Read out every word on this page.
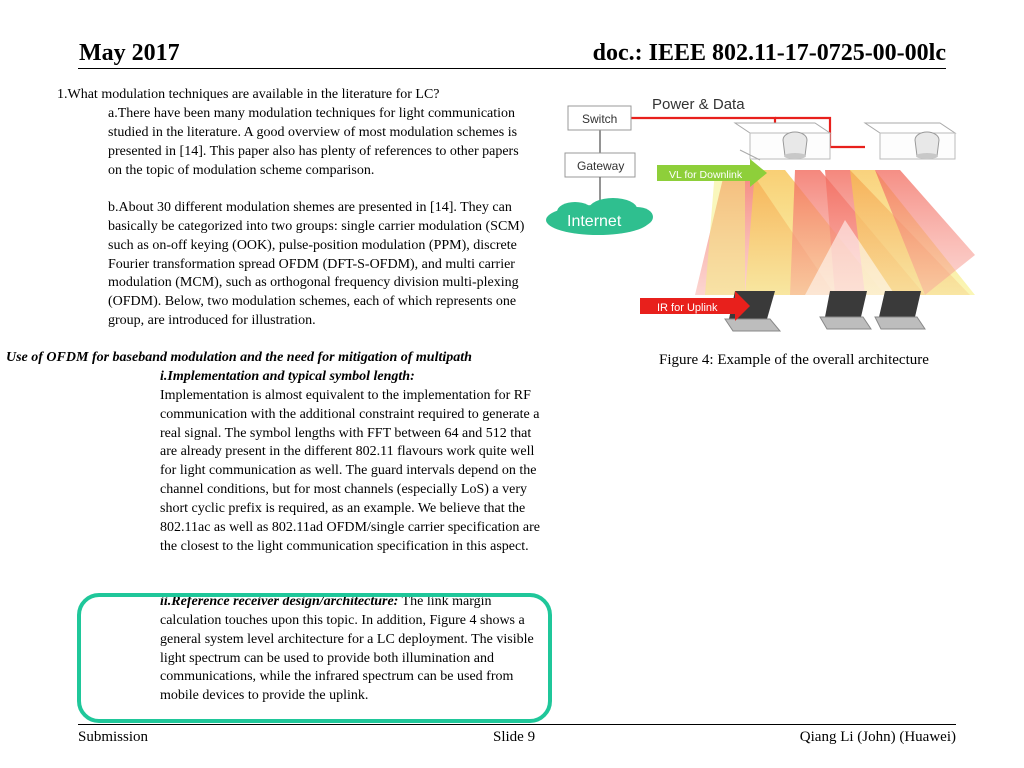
May 2017	doc.: IEEE 802.11-17-0725-00-00lc
1.What modulation techniques are available in the literature for LC?
a.There have been many modulation techniques for light communication studied in the literature. A good overview of most modulation schemes is presented in [14]. This paper also has plenty of references to other papers on the topic of modulation scheme comparison.
b.About 30 different modulation shemes are presented in [14]. They can basically be categorized into two groups: single carrier modulation (SCM) such as on-off keying (OOK), pulse-position modulation (PPM), discrete Fourier transformation spread OFDM (DFT-S-OFDM), and multi carrier modulation (MCM), such as orthogonal frequency division multi-plexing (OFDM). Below, two modulation schemes, each of which represents one group, are introduced for illustration.
Use of OFDM for baseband modulation and the need for mitigation of multipath
i.Implementation and typical symbol length:
Implementation is almost equivalent to the implementation for RF communication with the additional constraint required to generate a real signal. The symbol lengths with FFT between 64 and 512 that are already present in the different 802.11 flavours work quite well for light communication as well. The guard intervals depend on the channel conditions, but for most channels (especially LoS) a very short cyclic prefix is required, as an example. We believe that the 802.11ac as well as 802.11ad OFDM/single carrier specification are the closest to the light communication specification in this aspect.
ii.Reference receiver design/architecture: The link margin calculation touches upon this topic. In addition, Figure 4 shows a general system level architecture for a LC deployment. The visible light spectrum can be used to provide both illumination and communications, while the infrared spectrum can be used from mobile devices to provide the uplink.
Power & Data
Switch
Gateway
Internet
VL for Downlink
IR for Uplink
Figure 4: Example of the overall architecture
Submission	Slide 9	Qiang Li (John) (Huawei)
